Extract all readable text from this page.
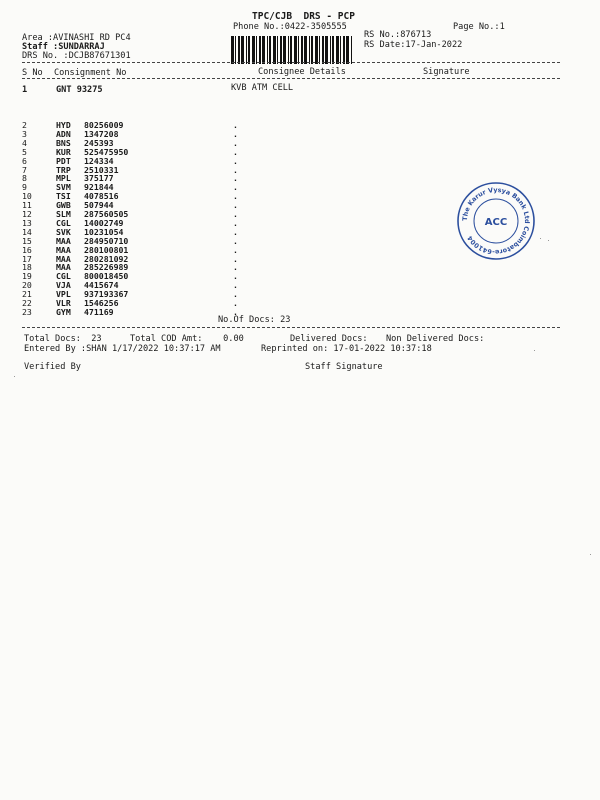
TPC/CJB  DRS - PCP
Phone No.:0422-3505555	Page No.:1
Area :AVINASHI RD PC4
Staff :SUNDARRAJ
DRS No. :DCJB87671301
RS No.:876713
RS Date:17-Jan-2022
S No Consignment No	Consignee Details	Signature
1	GNT 93275	KVB ATM CELL
2	HYD 80256009	.
3	ADN 1347208	.
4	BNS 245393	.
5	KUR 525475950	.
6	PDT 124334	.
7	TRP 2510331	.
8	MPL 375177	.
9	SVM 921844	.
10	TSI 4078516	.
11	GWB 507944	.
12	SLM 287560505	.
13	CGL 14002749	.
14	SVK 10231054	.
15	MAA 284950710	.
16	MAA 280100801	.
17	MAA 280281092	.
18	MAA 285226989	.
19	CGL 800018450	.
20	VJA 4415674	.
21	VPL 937193367	.
22	VLR 1546256	.
23	GYM 471169	.
No.Of Docs: 23
Total Docs:  23	Total COD Amt:    0.00	Delivered Docs: Non Delivered Docs:
Entered By :SHAN 1/17/2022 10:37:17 AM	Reprinted on: 17-01-2022 10:37:18
Verified By	Staff Signature
The Karur Vysya Bank Ltd Coimbatore-641004
ACC
